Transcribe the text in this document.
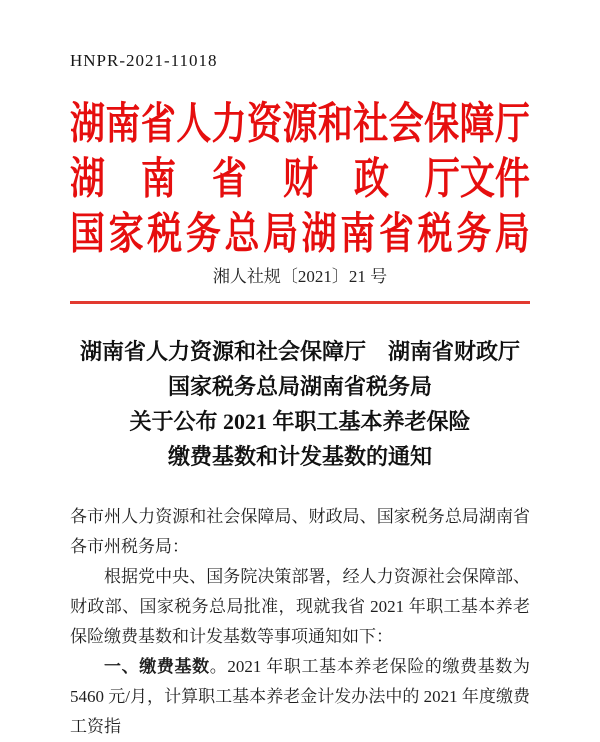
HNPR-2021-11018
湖 南 省 人 力 资 源 和 社 会 保 障 厅
湖 南 省 财 政 厅文件
国 家 税 务 总 局 湖 南 省 税 务 局
湘人社规〔2021〕21 号
湖南省人力资源和社会保障厅　湖南省财政厅
国家税务总局湖南省税务局
关于公布 2021 年职工基本养老保险
缴费基数和计发基数的通知

各市州人力资源和社会保障局、财政局、国家税务总局湖南省各市州税务局：

根据党中央、国务院决策部署，经人力资源社会保障部、财政部、国家税务总局批准，现就我省 2021 年职工基本养老保险缴费基数和计发基数等事项通知如下：

一、缴费基数。2021 年职工基本养老保险的缴费基数为 5460 元/月，计算职工基本养老金计发办法中的 2021 年度缴费工资指
